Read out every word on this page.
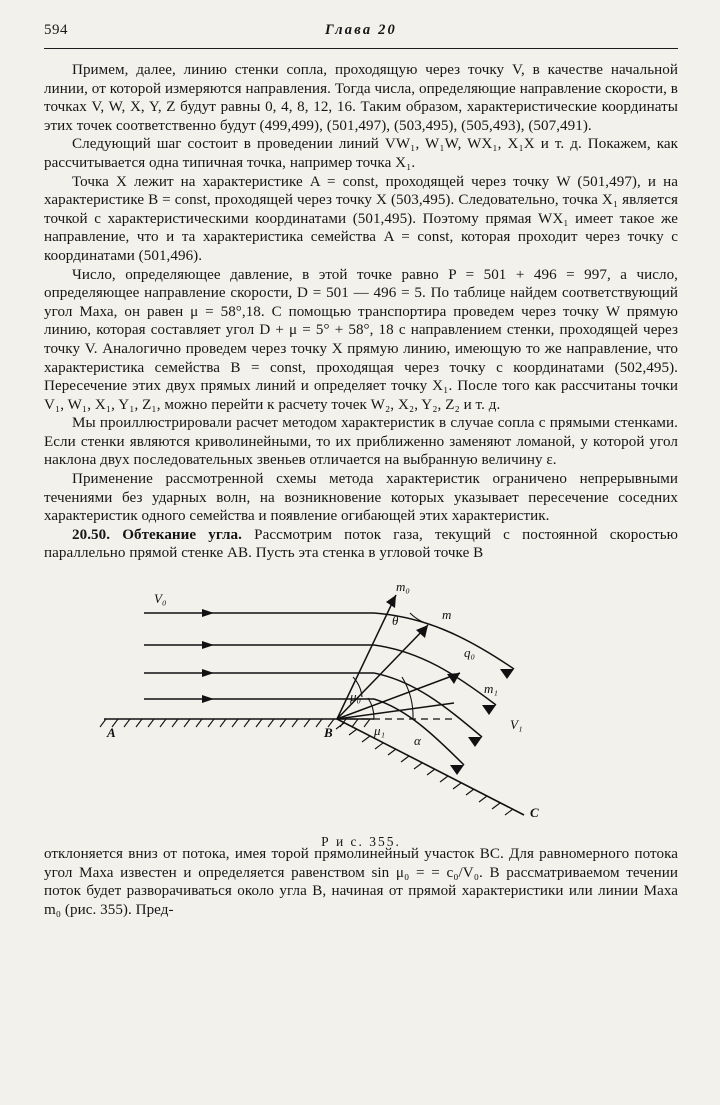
594	Глава 20

Примем, далее, линию стенки сопла, проходящую через точку V, в качестве начальной линии, от которой измеряются направления. Тогда числа, определяющие направление скорости, в точках V, W, X, Y, Z будут равны 0, 4, 8, 12, 16. Таким образом, характеристические координаты этих точек соответственно будут (499,499), (501,497), (503,495), (505,493), (507,491).

Следующий шаг состоит в проведении линий VW₁, W₁W, WX₁, X₁X и т. д. Покажем, как рассчитывается одна типичная точка, например точка X₁.

Точка X лежит на характеристике A = const, проходящей через точку W (501,497), и на характеристике B = const, проходящей через точку X (503,495). Следовательно, точка X₁ является точкой с характеристическими координатами (501,495). Поэтому прямая WX₁ имеет такое же направление, что и та характеристика семейства A = const, которая проходит через точку с координатами (501,496).

Число, определяющее давление, в этой точке равно P = 501 + 496 = 997, а число, определяющее направление скорости, D = 501 — 496 = 5. По таблице найдем соответствующий угол Маха, он равен μ = 58°,18. С помощью транспортира проведем через точку W прямую линию, которая составляет угол D + μ = 5° + 58°, 18 с направлением стенки, проходящей через точку V. Аналогично проведем через точку X прямую линию, имеющую то же направление, что характеристика семейства B = const, проходящая через точку с координатами (502,495). Пересечение этих двух прямых линий и определяет точку X₁. После того как рассчитаны точки V₁, W₁, X₁, Y₁, Z₁, можно перейти к расчету точек W₂, X₂, Y₂, Z₂ и т. д.

Мы проиллюстрировали расчет методом характеристик в случае сопла с прямыми стенками. Если стенки являются криволинейными, то их приближенно заменяют ломаной, у которой угол наклона двух последовательных звеньев отличается на выбранную величину ε.

Применение рассмотренной схемы метода характеристик ограничено непрерывными течениями без ударных волн, на возникновение которых указывает пересечение соседних характеристик одного семейства и появление огибающей этих характеристик.

20.50. Обтекание угла. Рассмотрим поток газа, текущий с постоянной скоростью параллельно прямой стенке AB. Пусть эта стенка в угловой точке B

V₀
m₀
θ	m
q₀
m₁
μ₀
μ₁
α
A	B
C
V₁
Р и с. 355.

отклоняется вниз от потока, имея торой прямолинейный участок BC. Для равномерного потока угол Маха известен и определяется равенством sin μ₀ = = c₀/V₀. В рассматриваемом течении поток будет разворачиваться около угла B, начиная от прямой характеристики или линии Маха m₀ (рис. 355). Пред-
